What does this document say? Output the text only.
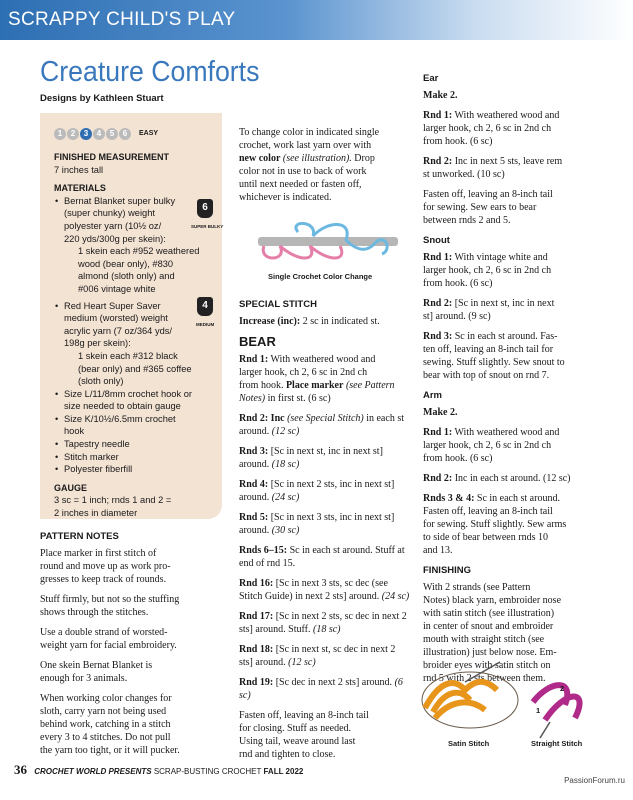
SCRAPPY CHILD'S PLAY
Creature Comforts
Designs by Kathleen Stuart
1	2	3	4	5	6	EASY
FINISHED MEASUREMENT
7 inches tall
MATERIALS
• Bernat Blanket super bulky
(super chunky) weight
polyester yarn (10½ oz/
220 yds/300g per skein):
1 skein each #952 weathered
wood (bear only), #830
almond (sloth only) and
#006 vintage white
• Red Heart Super Saver
medium (worsted) weight
acrylic yarn (7 oz/364 yds/
198g per skein):
1 skein each #312 black
(bear only) and #365 coffee
(sloth only)
• Size L/11/8mm crochet hook or
size needed to obtain gauge
• Size K/10½/6.5mm crochet
hook
• Tapestry needle
• Stitch marker
• Polyester fiberfill
GAUGE
3 sc = 1 inch; rnds 1 and 2 =
2 inches in diameter
6
SUPER BULKY
4
MEDIUM
PATTERN NOTES

Place marker in first stitch of
round and move up as work pro-
gresses to keep track of rounds.

Stuff firmly, but not so the stuffing
shows through the stitches.

Use a double strand of worsted-
weight yarn for facial embroidery.

One skein Bernat Blanket is
enough for 3 animals.

When working color changes for
sloth, carry yarn not being used
behind work, catching in a stitch
every 3 to 4 stitches. Do not pull
the yarn too tight, or it will pucker.

To change color in indicated single
crochet, work last yarn over with
new color (see illustration). Drop
color not in use to back of work
until next needed or fasten off,
whichever is indicated.

Single Crochet Color Change
SPECIAL STITCH

Increase (inc): 2 sc in indicated st.

BEAR

Rnd 1: With weathered wood and
larger hook, ch 2, 6 sc in 2nd ch
from hook. Place marker (see Pattern Notes) in first st. (6 sc)

Rnd 2: Inc (see Special Stitch) in each st around. (12 sc)

Rnd 3: [Sc in next st, inc in next st] around. (18 sc)

Rnd 4: [Sc in next 2 sts, inc in next st] around. (24 sc)

Rnd 5: [Sc in next 3 sts, inc in next st] around. (30 sc)

Rnds 6–15: Sc in each st around. Stuff at end of rnd 15.

Rnd 16: [Sc in next 3 sts, sc dec (see Stitch Guide) in next 2 sts] around. (24 sc)

Rnd 17: [Sc in next 2 sts, sc dec in next 2 sts] around. Stuff. (18 sc)

Rnd 18: [Sc in next st, sc dec in next 2 sts] around. (12 sc)

Rnd 19: [Sc dec in next 2 sts] around. (6 sc)

Fasten off, leaving an 8-inch tail
for closing. Stuff as needed.
Using tail, weave around last
rnd and tighten to close.

Ear

Make 2.

Rnd 1: With weathered wood and
larger hook, ch 2, 6 sc in 2nd ch
from hook. (6 sc)

Rnd 2: Inc in next 5 sts, leave rem
st unworked. (10 sc)

Fasten off, leaving an 8-inch tail
for sewing. Sew ears to bear
between rnds 2 and 5.

Snout

Rnd 1: With vintage white and
larger hook, ch 2, 6 sc in 2nd ch
from hook. (6 sc)

Rnd 2: [Sc in next st, inc in next
st] around. (9 sc)

Rnd 3: Sc in each st around. Fas-
ten off, leaving an 8-inch tail for
sewing. Stuff slightly. Sew snout to
bear with top of snout on rnd 7.

Arm

Make 2.

Rnd 1: With weathered wood and
larger hook, ch 2, 6 sc in 2nd ch
from hook. (6 sc)

Rnd 2: Inc in each st around. (12 sc)

Rnds 3 & 4: Sc in each st around.
Fasten off, leaving an 8-inch tail
for sewing. Stuff slightly. Sew arms
to side of bear between rnds 10
and 13.

FINISHING

With 2 strands (see Pattern
Notes) black yarn, embroider nose
with satin stitch (see illustration)
in center of snout and embroider
mouth with straight stitch (see
illustration) just below nose. Em-
broider eyes with satin stitch on
rnd 5 with 2 sts between them.

2
1
Satin Stitch	Straight Stitch
36 CROCHET WORLD PRESENTS SCRAP-BUSTING CROCHET FALL 2022
PassionForum.ru
